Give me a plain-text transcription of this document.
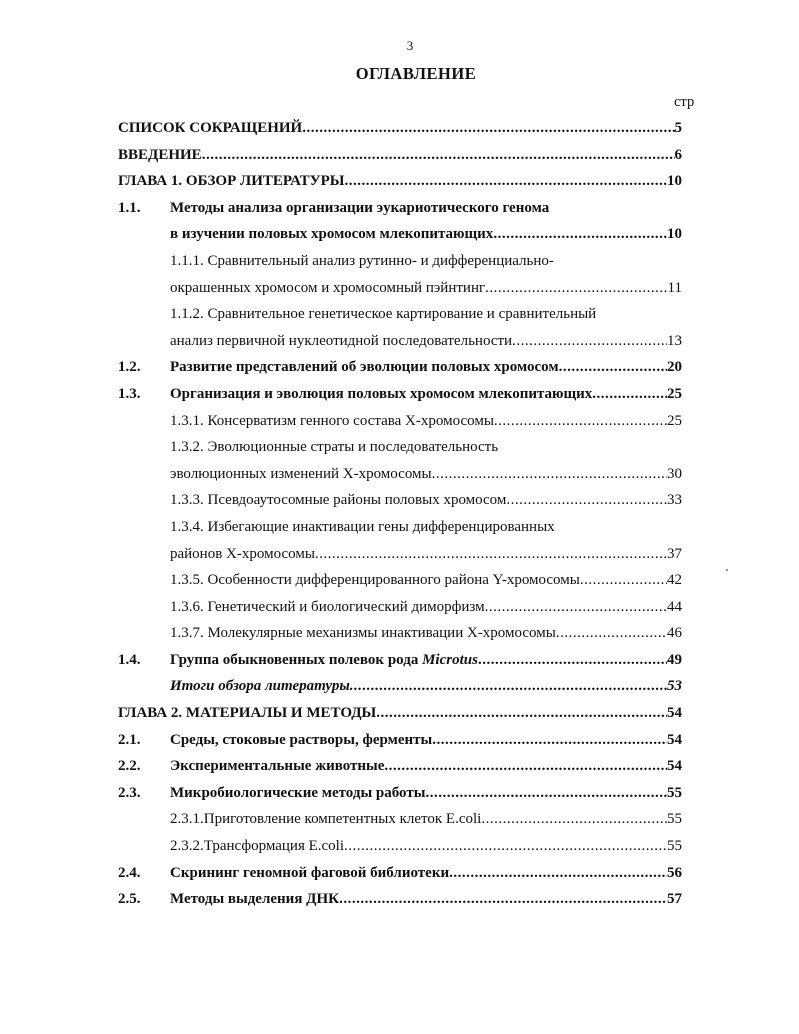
3
ОГЛАВЛЕНИЕ
стр
СПИСОК СОКРАЩЕНИЙ .....	5
ВВЕДЕНИЕ .....	6
ГЛАВА 1. ОБЗОР ЛИТЕРАТУРЫ .....	10
1.1. Методы анализа организации эукариотического генома
в изучении половых хромосом млекопитающих .....	10
1.1.1. Сравнительный анализ рутинно- и дифференциально-
окрашенных хромосом и хромосомный пэйнтинг .....	11
1.1.2. Сравнительное генетическое картирование и сравнительный
анализ первичной нуклеотидной последовательности .....	13
1.2. Развитие представлений об эволюции половых хромосом .....	20
1.3. Организация и эволюция половых хромосом млекопитающих .....	25
1.3.1. Консерватизм генного состава Х-хромосомы .....	25
1.3.2. Эволюционные страты и последовательность
эволюционных изменений Х-хромосомы .....	30
1.3.3. Псевдоаутосомные районы половых хромосом .....	33
1.3.4. Избегающие инактивации гены дифференцированных
районов Х-хромосомы .....	37
1.3.5. Особенности дифференцированного района Y-хромосомы .....	42
1.3.6. Генетический и биологический диморфизм .....	44
1.3.7. Молекулярные механизмы инактивации Х-хромосомы .....	46
1.4. Группа обыкновенных полевок рода Microtus .....	49
Итоги обзора литературы .....	53
ГЛАВА 2. МАТЕРИАЛЫ И МЕТОДЫ .....	54
2.1. Среды, стоковые растворы, ферменты .....	54
2.2. Экспериментальные животные .....	54
2.3. Микробиологические методы работы .....	55
2.3.1.Приготовление компетентных клеток E.coli .....	55
2.3.2.Трансформация E.coli .....	55
2.4. Скрининг геномной фаговой библиотеки .....	56
2.5. Методы выделения ДНК .....	57
